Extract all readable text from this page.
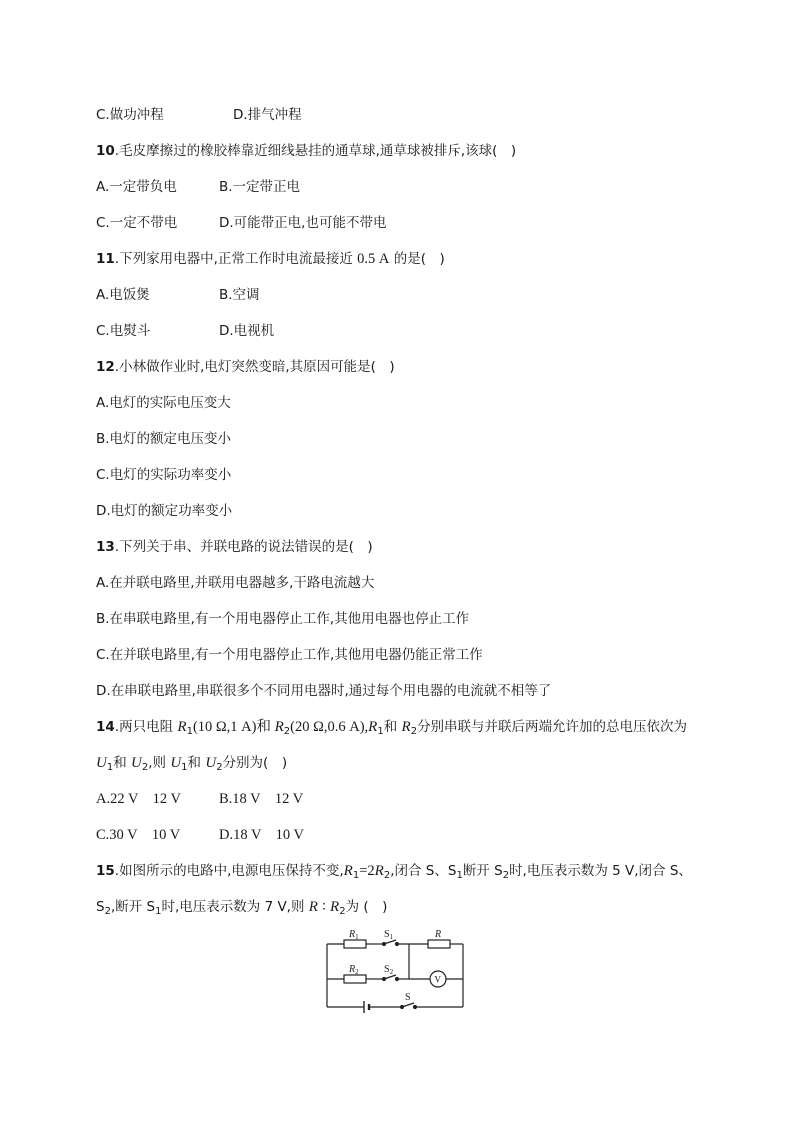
C.做功冲程	D.排气冲程
10.毛皮摩擦过的橡胶棒靠近细线悬挂的通草球,通草球被排斥,该球(　)
A.一定带负电	B.一定带正电
C.一定不带电	D.可能带正电,也可能不带电
11.下列家用电器中,正常工作时电流最接近 0.5 A 的是(　)
A.电饭煲	B.空调
C.电熨斗	D.电视机
12.小林做作业时,电灯突然变暗,其原因可能是(　)
A.电灯的实际电压变大
B.电灯的额定电压变小
C.电灯的实际功率变小
D.电灯的额定功率变小
13.下列关于串、并联电路的说法错误的是(　)
A.在并联电路里,并联用电器越多,干路电流越大
B.在串联电路里,有一个用电器停止工作,其他用电器也停止工作
C.在并联电路里,有一个用电器停止工作,其他用电器仍能正常工作
D.在串联电路里,串联很多个不同用电器时,通过每个用电器的电流就不相等了
14.两只电阻 $R_1(10$ Ω,1 A)和 $R_2(20$ Ω,0.6 $A),R_1$和 $R_2$分别串联与并联后两端允许加的总电压依次为
$U_1$和 $U_2$,则 $U_1$和 $U_2$分别为(　)
A.22 V　12 V	B.18 V　12 V
C.30 V　10 V	D.18 V　10 V
15.如图所示的电路中,电源电压保持不变$,R_1=2R_2$,闭合 S、$S_1$断开 $S_2$时,电压表示数为 5 V,闭合 S、
$S_2$,断开 $S_1$时,电压表示数为 7 V,则 R ∶ $R_2$为 (　)
$R_1$	$S_1$	R
$R_2$	$S_2$
V
S
